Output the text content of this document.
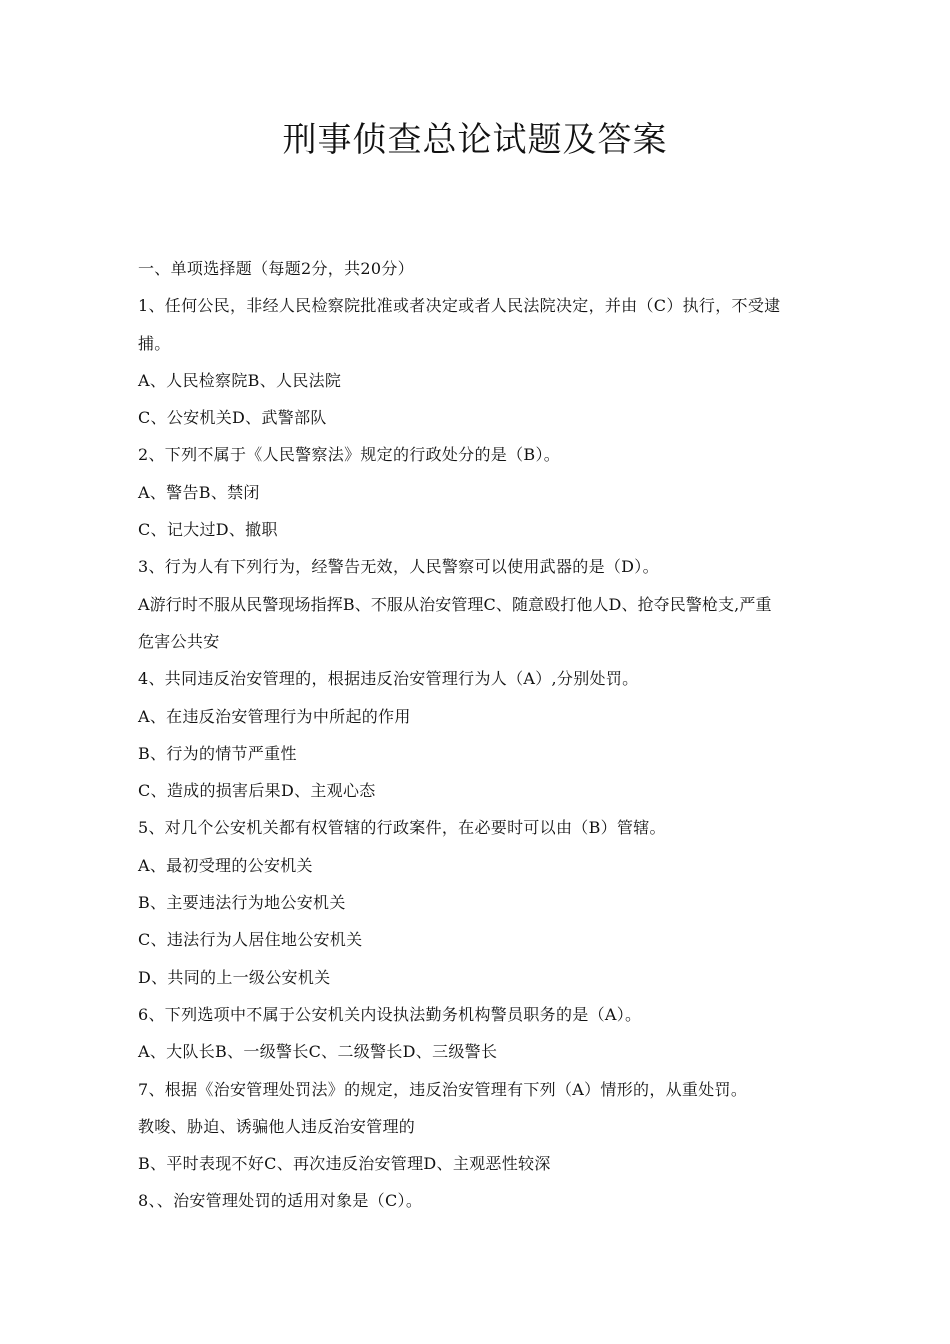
刑事侦查总论试题及答案
一、单项选择题（每题2分，共20分）
1、任何公民，非经人民检察院批准或者决定或者人民法院决定，并由（C）执行，不受逮
捕。
A、人民检察院B、人民法院
C、公安机关D、武警部队
2、下列不属于《人民警察法》规定的行政处分的是（B）。
A、警告B、禁闭
C、记大过D、撤职
3、行为人有下列行为，经警告无效，人民警察可以使用武器的是（D）。
A游行时不服从民警现场指挥B、不服从治安管理C、随意殴打他人D、抢夺民警枪支,严重
危害公共安
4、共同违反治安管理的，根据违反治安管理行为人（A）,分别处罚。
A、在违反治安管理行为中所起的作用
B、行为的情节严重性
C、造成的损害后果D、主观心态
5、对几个公安机关都有权管辖的行政案件，在必要时可以由（B）管辖。
A、最初受理的公安机关
B、主要违法行为地公安机关
C、违法行为人居住地公安机关
D、共同的上一级公安机关
6、下列选项中不属于公安机关内设执法勤务机构警员职务的是（A）。
A、大队长B、一级警长C、二级警长D、三级警长
7、根据《治安管理处罚法》的规定，违反治安管理有下列（A）情形的，从重处罚。
教唆、胁迫、诱骗他人违反治安管理的
B、平时表现不好C、再次违反治安管理D、主观恶性较深
8、、治安管理处罚的适用对象是（C）。
